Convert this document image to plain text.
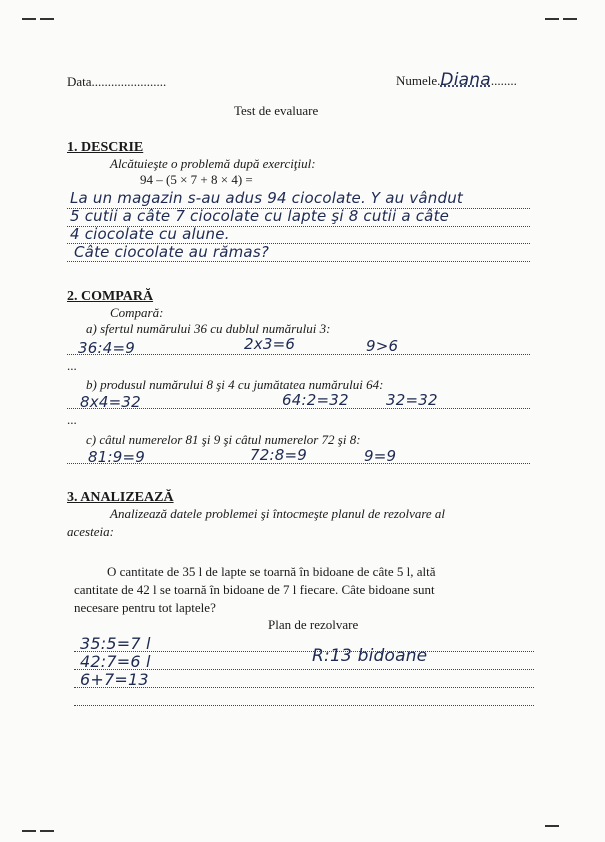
Data.......................	Numele.Diana........
Test de evaluare
1. DESCRIE
Alcătuieşte o problemă după exerciţiul:
94 – (5 × 7 + 8 × 4) =
La un magazin s-au adus 94 ciocolate. Y au vândut
5 cutii a câte 7 ciocolate cu lapte şi 8 cutii a câte
4 ciocolate cu alune.
Câte ciocolate au rămas?
2. COMPARĂ
Compară:
a) sfertul numărului 36 cu dublul numărului 3:
36:4=9	2x3=6	9>6
...
b) produsul numărului 8 şi 4 cu jumătatea numărului 64:
8x4=32	64:2=32 32=32
...
c) câtul numerelor 81 şi 9 şi câtul numerelor 72 şi 8:
81:9=9	72:8=9	9=9
3. ANALIZEAZĂ
Analizează datele problemei şi întocmeşte planul de rezolvare al
acesteia:
O cantitate de 35 l de lapte se toarnă în bidoane de câte 5 l, altă
cantitate de 42 l se toarnă în bidoane de 7 l fiecare. Câte bidoane sunt
necesare pentru tot laptele?
Plan de rezolvare
35:5=7 l
42:7=6 l
6+7=13
R:13 bidoane
